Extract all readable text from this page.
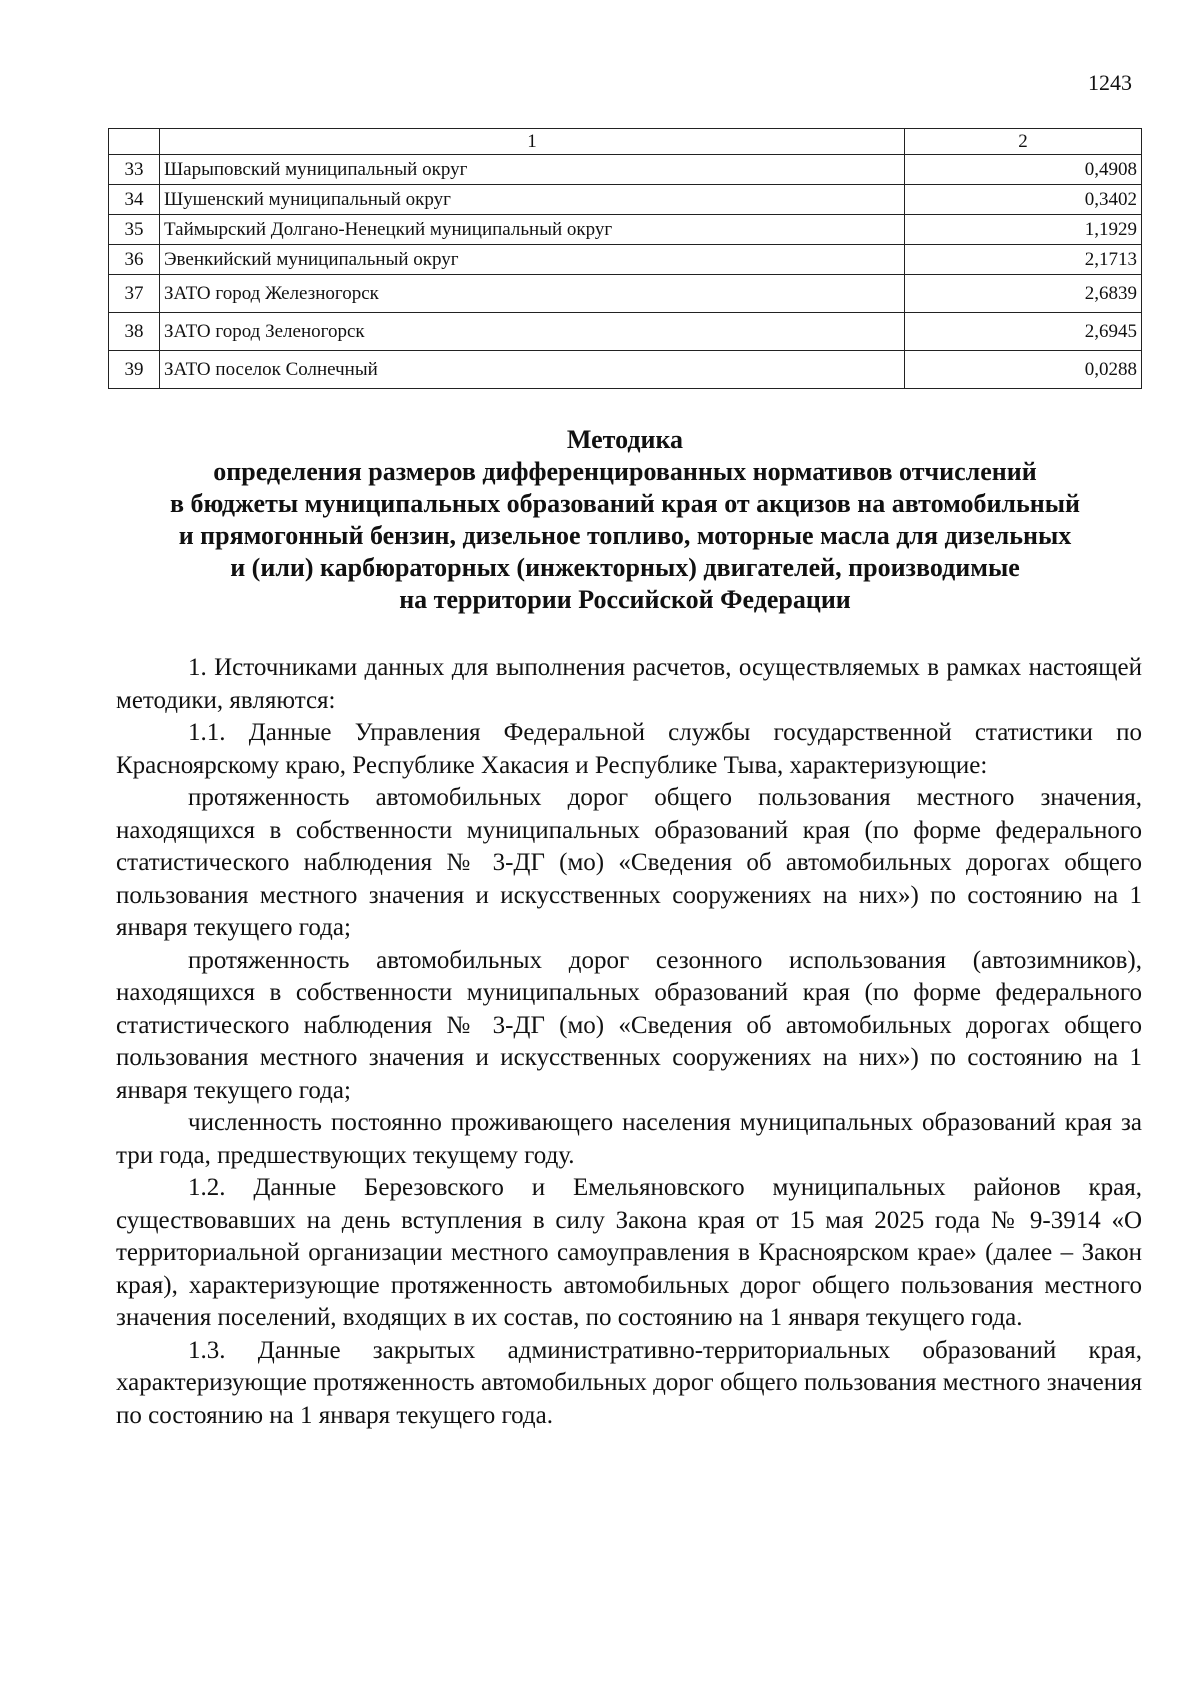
1243
	1	2
33	Шарыповский муниципальный округ	0,4908
34	Шушенский муниципальный округ	0,3402
35	Таймырский Долгано-Ненецкий муниципальный округ	1,1929
36	Эвенкийский муниципальный округ	2,1713
37	ЗАТО город Железногорск	2,6839
38	ЗАТО город Зеленогорск	2,6945
39	ЗАТО поселок Солнечный	0,0288
Методика
определения размеров дифференцированных нормативов отчислений
в бюджеты муниципальных образований края от акцизов на автомобильный
и прямогонный бензин, дизельное топливо, моторные масла для дизельных
и (или) карбюраторных (инжекторных) двигателей, производимые
на территории Российской Федерации

1. Источниками данных для выполнения расчетов, осуществляемых в рамках настоящей методики, являются:

1.1. Данные Управления Федеральной службы государственной статистики по Красноярскому краю, Республике Хакасия и Республике Тыва, характеризующие:

протяженность автомобильных дорог общего пользования местного значения, находящихся в собственности муниципальных образований края (по форме федерального статистического наблюдения № 3-ДГ (мо) «Сведения об автомобильных дорогах общего пользования местного значения и искусственных сооружениях на них») по состоянию на 1 января текущего года;

протяженность автомобильных дорог сезонного использования (автозимников), находящихся в собственности муниципальных образований края (по форме федерального статистического наблюдения № 3-ДГ (мо) «Сведения об автомобильных дорогах общего пользования местного значения и искусственных сооружениях на них») по состоянию на 1 января текущего года;

численность постоянно проживающего населения муниципальных образований края за три года, предшествующих текущему году.

1.2. Данные Березовского и Емельяновского муниципальных районов края, существовавших на день вступления в силу Закона края от 15 мая 2025 года № 9-3914 «О территориальной организации местного самоуправления в Красноярском крае» (далее – Закон края), характеризующие протяженность автомобильных дорог общего пользования местного значения поселений, входящих в их состав, по состоянию на 1 января текущего года.

1.3. Данные закрытых административно-территориальных образований края, характеризующие протяженность автомобильных дорог общего пользования местного значения по состоянию на 1 января текущего года.
